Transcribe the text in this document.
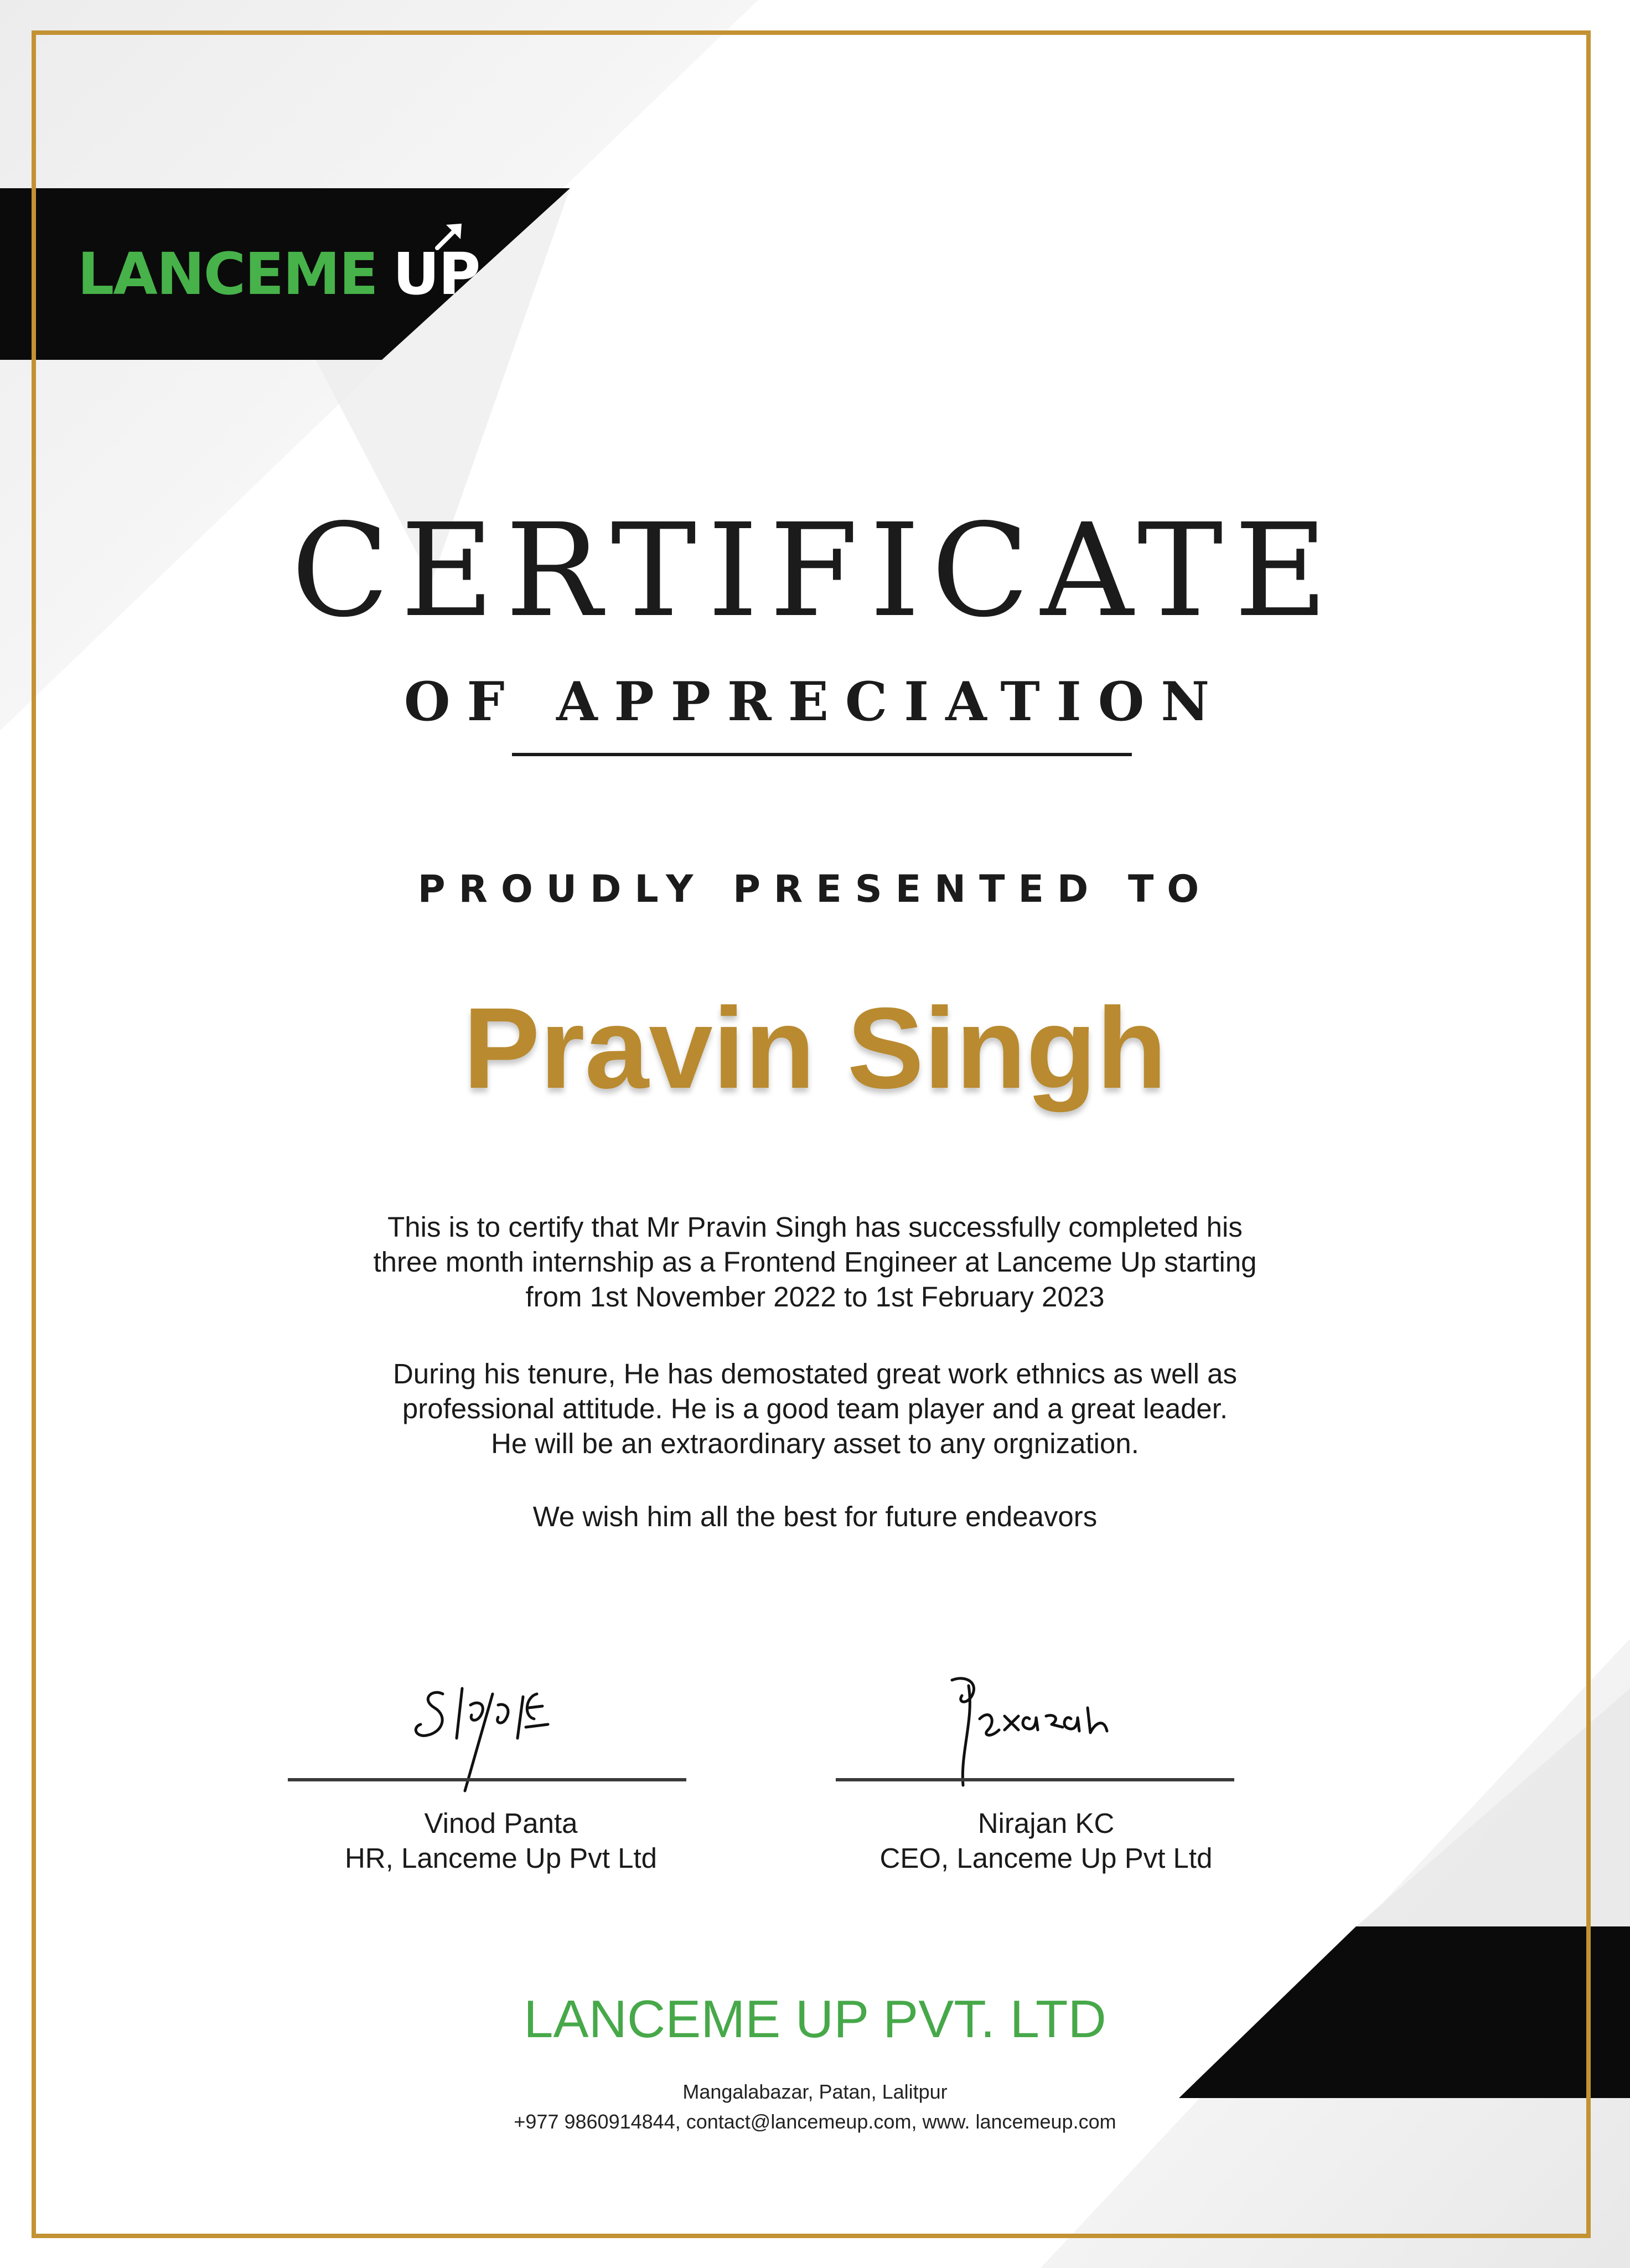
LANCEME UP
CERTIFICATE
OF APPRECIATION
PROUDLY PRESENTED TO
Pravin Singh
This is to certify that Mr Pravin Singh has successfully completed his
three month internship as a Frontend Engineer at Lanceme Up starting
from 1st November 2022 to 1st February 2023
During his tenure, He has demostated great work ethnics as well as
professional attitude. He is a good team player and a great leader.
He will be an extraordinary asset to any orgnization.
We wish him all the best for future endeavors
Vinod Panta
HR, Lanceme Up Pvt Ltd
Nirajan KC
CEO, Lanceme Up Pvt Ltd
LANCEME UP PVT. LTD
Mangalabazar, Patan, Lalitpur
+977 9860914844, contact@lancemeup.com, www. lancemeup.com
